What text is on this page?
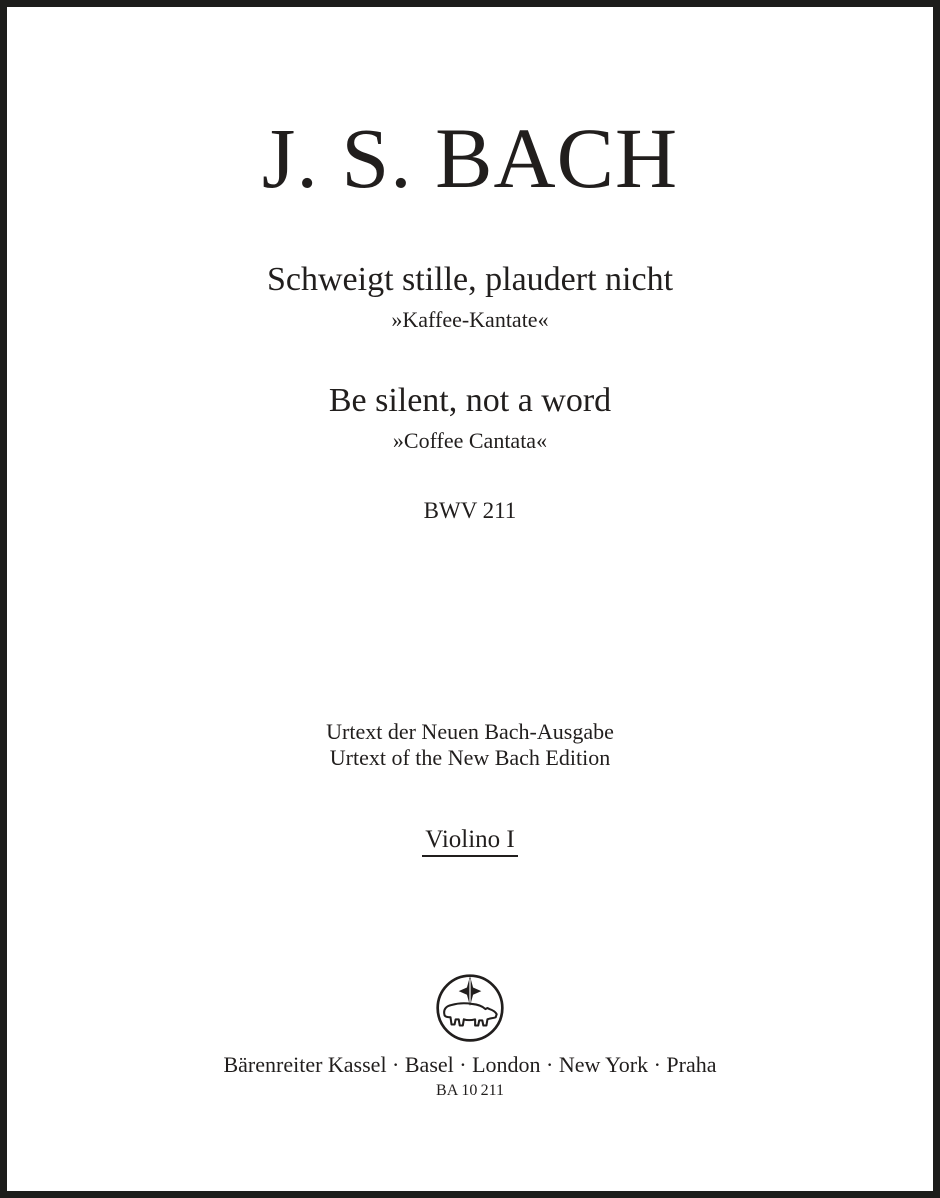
J. S. BACH
Schweigt stille, plaudert nicht
»Kaffee-Kantate«
Be silent, not a word
»Coffee Cantata«
BWV 211
Urtext der Neuen Bach-Ausgabe
Urtext of the New Bach Edition
Violino I
Bärenreiter Kassel · Basel · London · New York · Praha
BA 10 211
